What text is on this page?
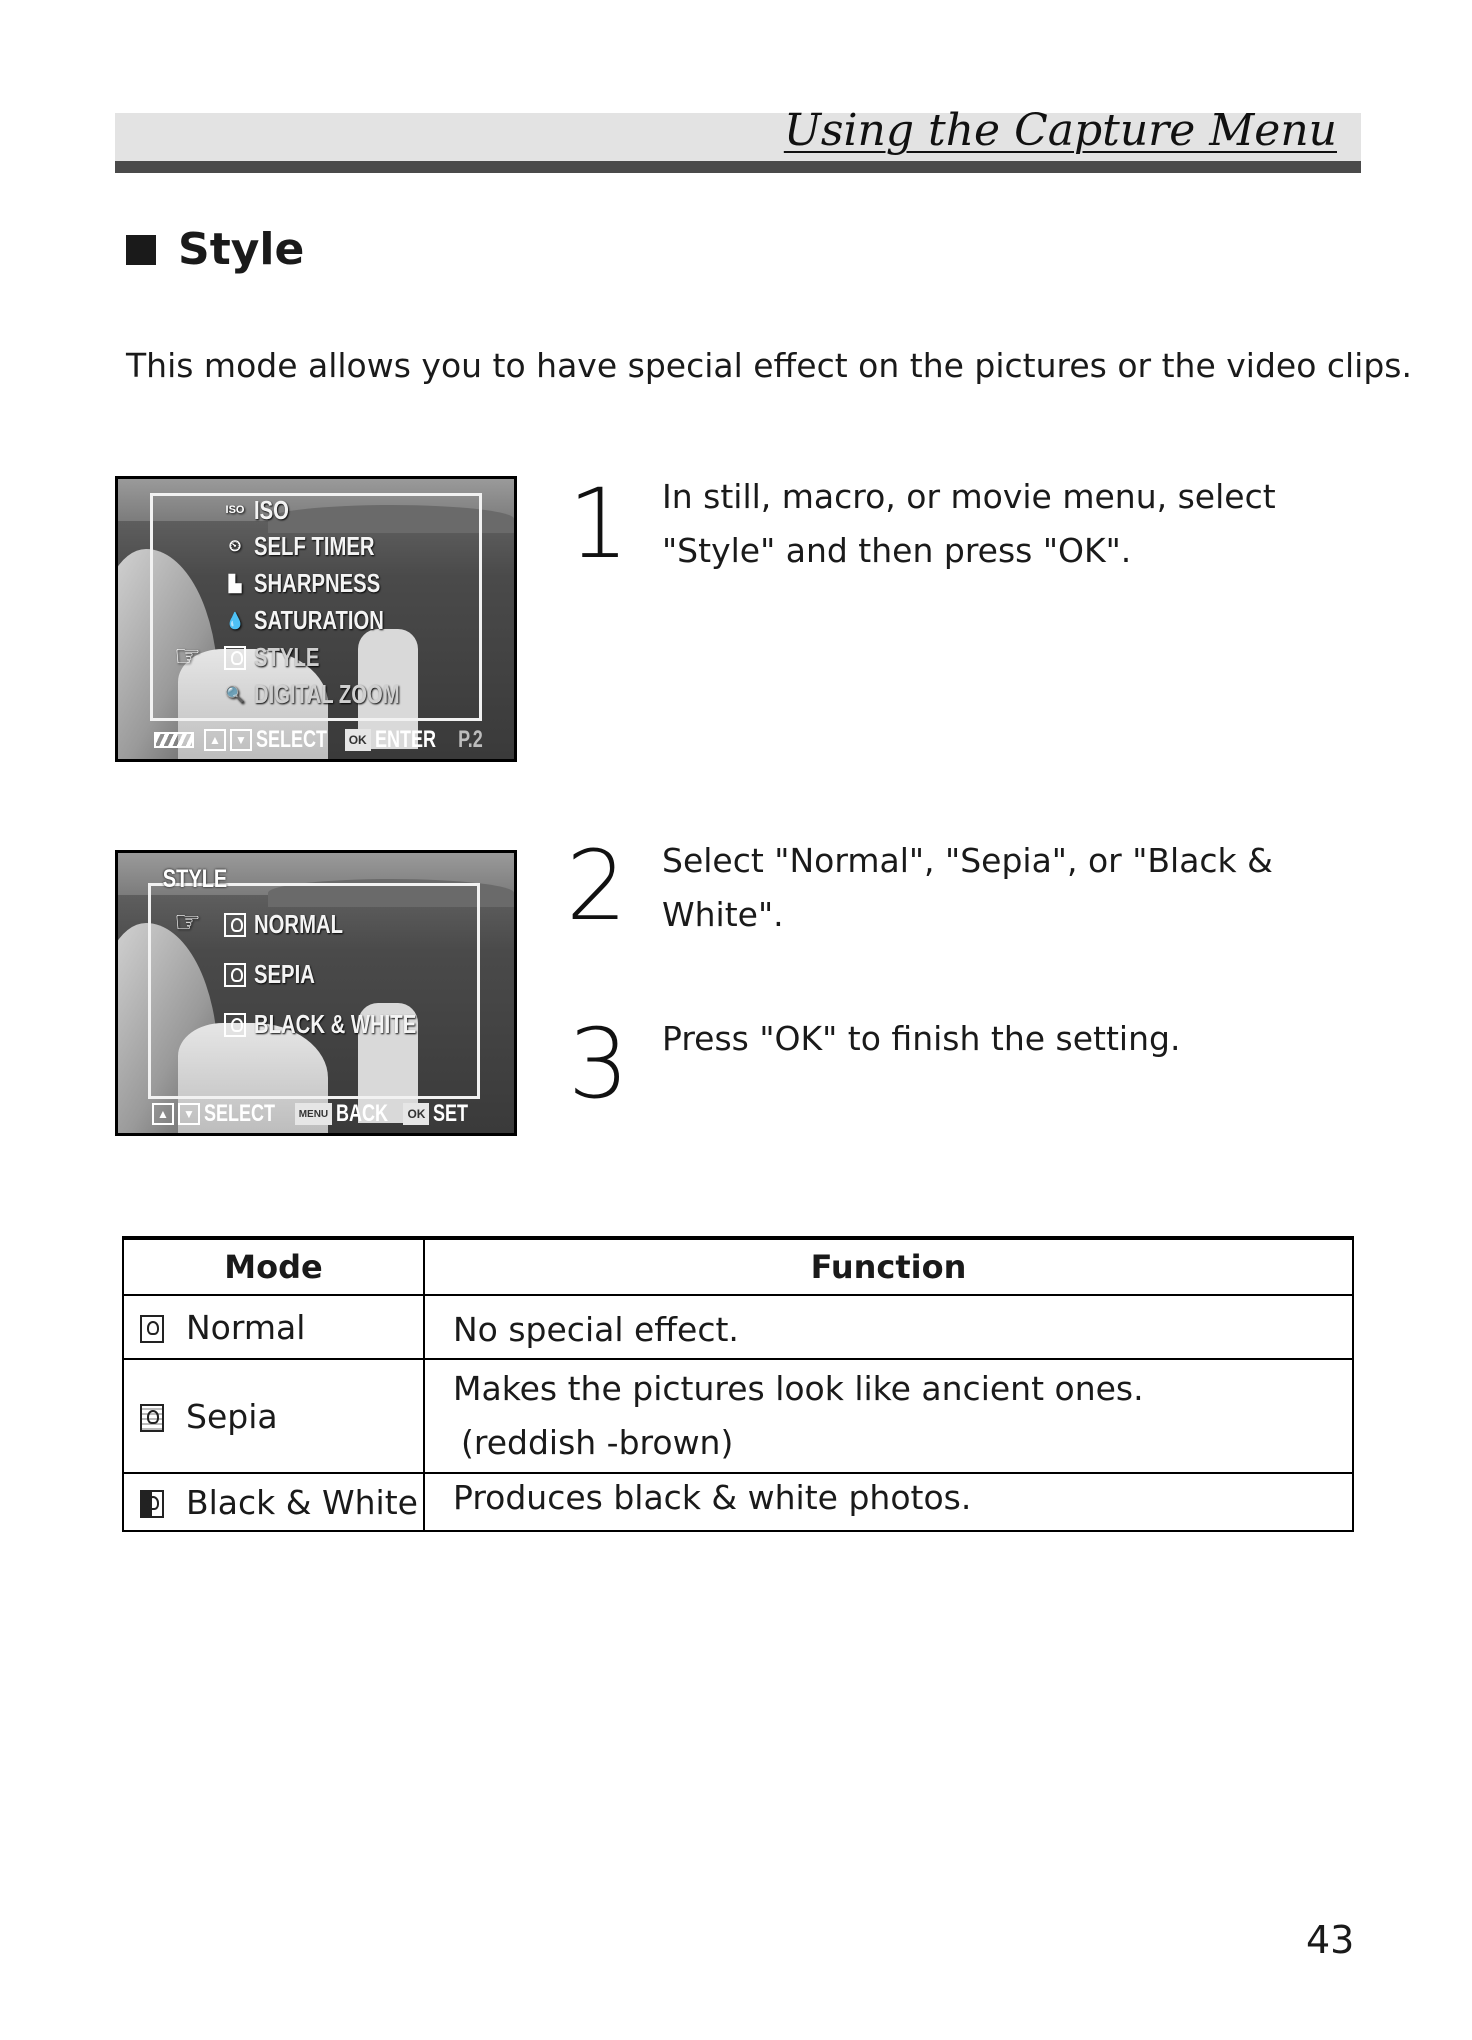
Using the Capture Menu
Style
This mode allows you to have special effect on the pictures or the video clips.
ISO ISO
⏲ SELF TIMER
▙ SHARPNESS
💧 SATURATION
☞ STYLE
🔍 DIGITAL ZOOM
▲	▼ SELECT	OK ENTER P.2
STYLE
☞ NORMAL
SEPIA
BLACK & WHITE
▲	▼ SELECT	MENU BACK	OK SET
1 In still, macro, or movie menu, select "Style" and then press "OK".
2 Select "Normal", "Sepia", or "Black & White".
3 Press "OK" to finish the setting.
Mode	Function
Normal	No special effect.

Sepia	Makes the pictures look like ancient ones.
(reddish -brown)

Black & White	Produces black & white photos.
43
